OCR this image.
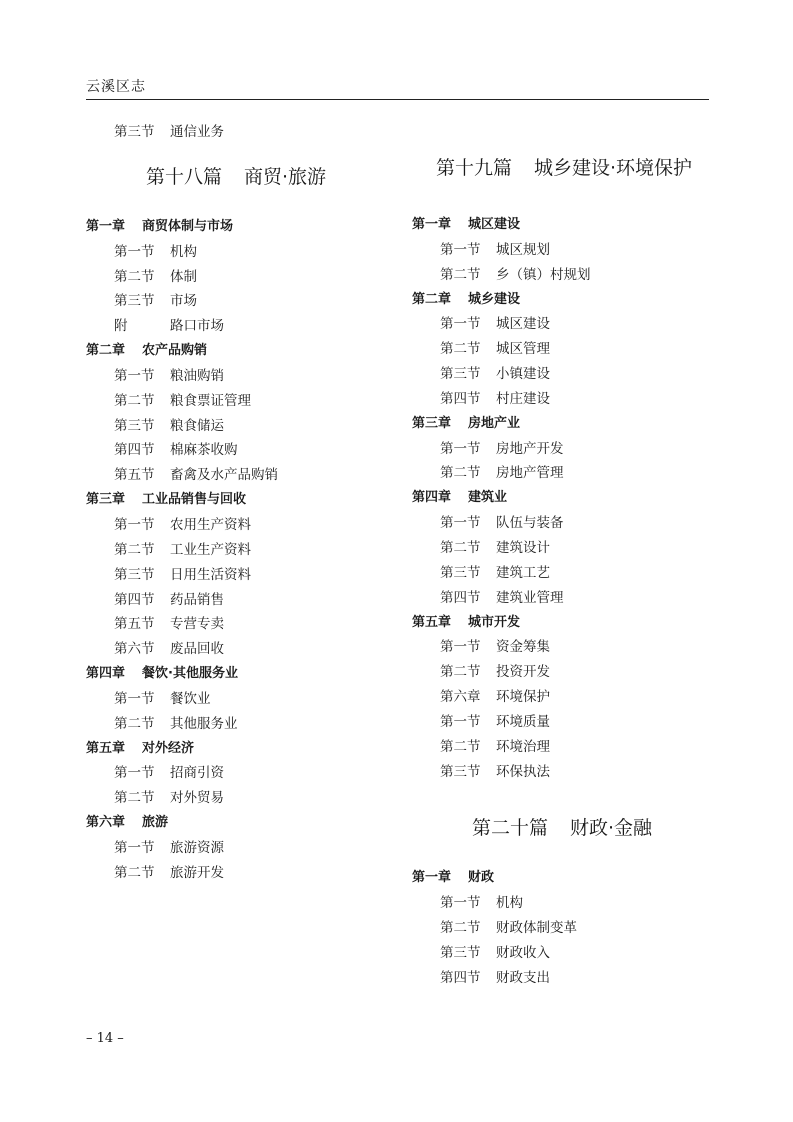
云溪区志
第三节 通信业务
第十八篇 商贸·旅游
第一章 商贸体制与市场
第一节 机构
第二节 体制
第三节 市场
附	路口市场
第二章 农产品购销
第一节 粮油购销
第二节 粮食票证管理
第三节 粮食储运
第四节 棉麻茶收购
第五节 畜禽及水产品购销
第三章 工业品销售与回收
第一节 农用生产资料
第二节 工业生产资料
第三节 日用生活资料
第四节 药品销售
第五节 专营专卖
第六节 废品回收
第四章 餐饮·其他服务业
第一节 餐饮业
第二节 其他服务业
第五章 对外经济
第一节 招商引资
第二节 对外贸易
第六章 旅游
第一节 旅游资源
第二节 旅游开发
第十九篇 城乡建设·环境保护
第一章 城区建设
第一节 城区规划
第二节 乡（镇）村规划
第二章 城乡建设
第一节 城区建设
第二节 城区管理
第三节 小镇建设
第四节 村庄建设
第三章 房地产业
第一节 房地产开发
第二节 房地产管理
第四章 建筑业
第一节 队伍与装备
第二节 建筑设计
第三节 建筑工艺
第四节 建筑业管理
第五章 城市开发
第一节 资金筹集
第二节 投资开发
第六章 环境保护
第一节 环境质量
第二节 环境治理
第三节 环保执法
第二十篇 财政·金融
第一章 财政
第一节 机构
第二节 财政体制变革
第三节 财政收入
第四节 财政支出
– 14 –
